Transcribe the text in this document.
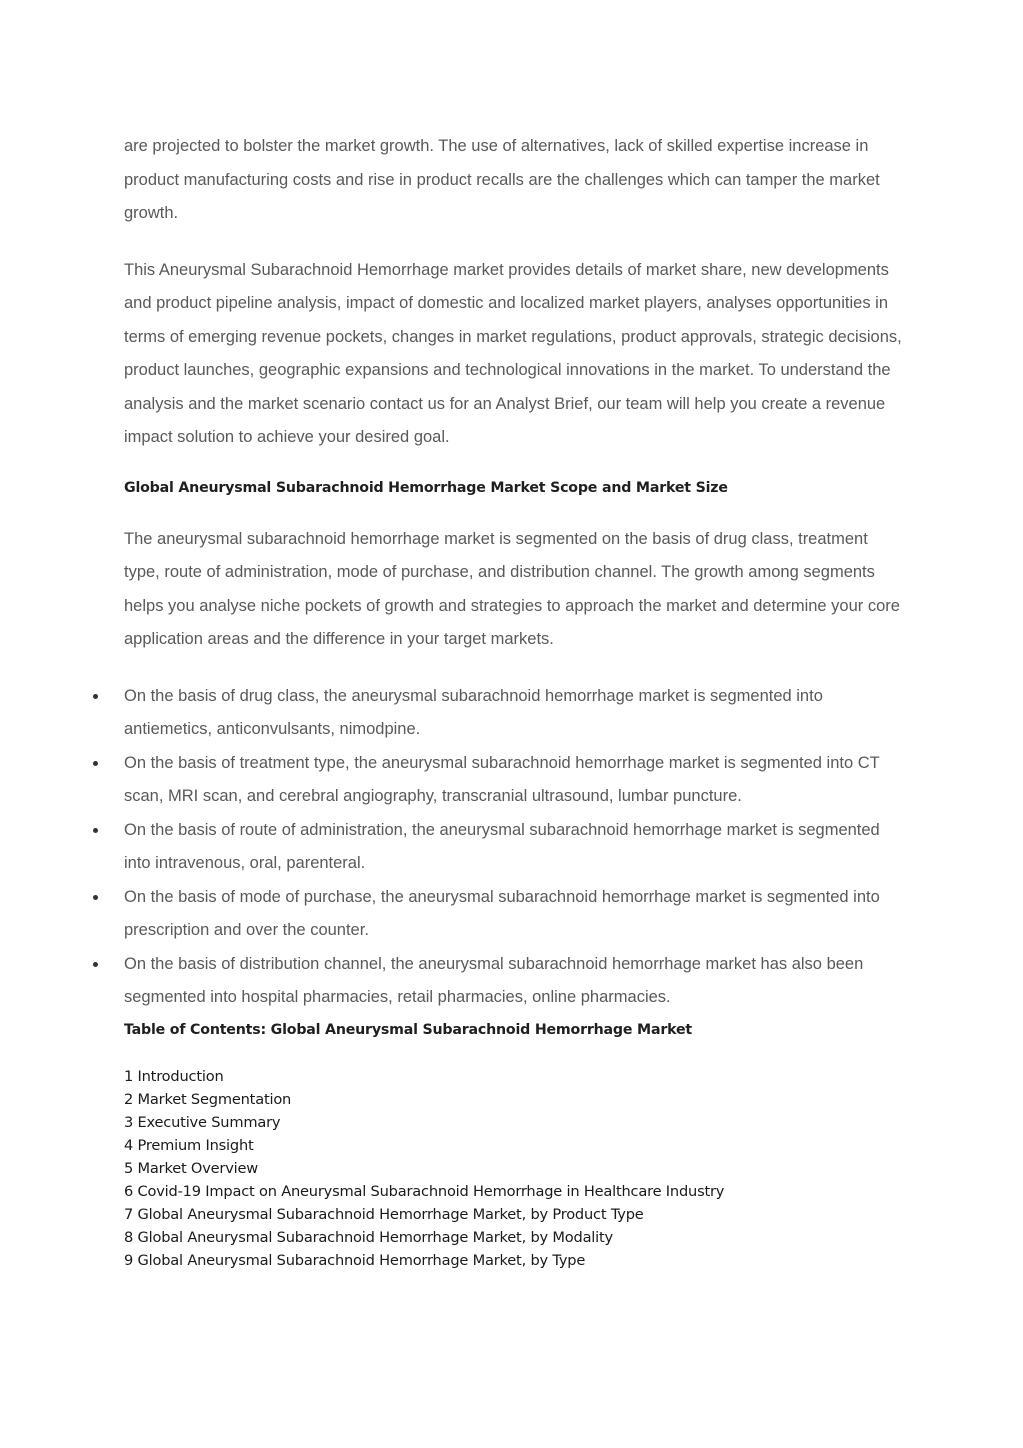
are projected to bolster the market growth. The use of alternatives, lack of skilled expertise increase in product manufacturing costs and rise in product recalls are the challenges which can tamper the market growth.

This Aneurysmal Subarachnoid Hemorrhage market provides details of market share, new developments and product pipeline analysis, impact of domestic and localized market players, analyses opportunities in terms of emerging revenue pockets, changes in market regulations, product approvals, strategic decisions, product launches, geographic expansions and technological innovations in the market. To understand the analysis and the market scenario contact us for an Analyst Brief, our team will help you create a revenue impact solution to achieve your desired goal.

Global Aneurysmal Subarachnoid Hemorrhage Market Scope and Market Size

The aneurysmal subarachnoid hemorrhage market is segmented on the basis of drug class, treatment type, route of administration, mode of purchase, and distribution channel. The growth among segments helps you analyse niche pockets of growth and strategies to approach the market and determine your core application areas and the difference in your target markets.

On the basis of drug class, the aneurysmal subarachnoid hemorrhage market is segmented into antiemetics, anticonvulsants, nimodpine.
On the basis of treatment type, the aneurysmal subarachnoid hemorrhage market is segmented into CT scan, MRI scan, and cerebral angiography, transcranial ultrasound, lumbar puncture.
On the basis of route of administration, the aneurysmal subarachnoid hemorrhage market is segmented into intravenous, oral, parenteral.
On the basis of mode of purchase, the aneurysmal subarachnoid hemorrhage market is segmented into prescription and over the counter.
On the basis of distribution channel, the aneurysmal subarachnoid hemorrhage market has also been segmented into hospital pharmacies, retail pharmacies, online pharmacies.
Table of Contents: Global Aneurysmal Subarachnoid Hemorrhage Market
1 Introduction
2 Market Segmentation
3 Executive Summary
4 Premium Insight
5 Market Overview
6 Covid-19 Impact on Aneurysmal Subarachnoid Hemorrhage in Healthcare Industry
7 Global Aneurysmal Subarachnoid Hemorrhage Market, by Product Type
8 Global Aneurysmal Subarachnoid Hemorrhage Market, by Modality
9 Global Aneurysmal Subarachnoid Hemorrhage Market, by Type
